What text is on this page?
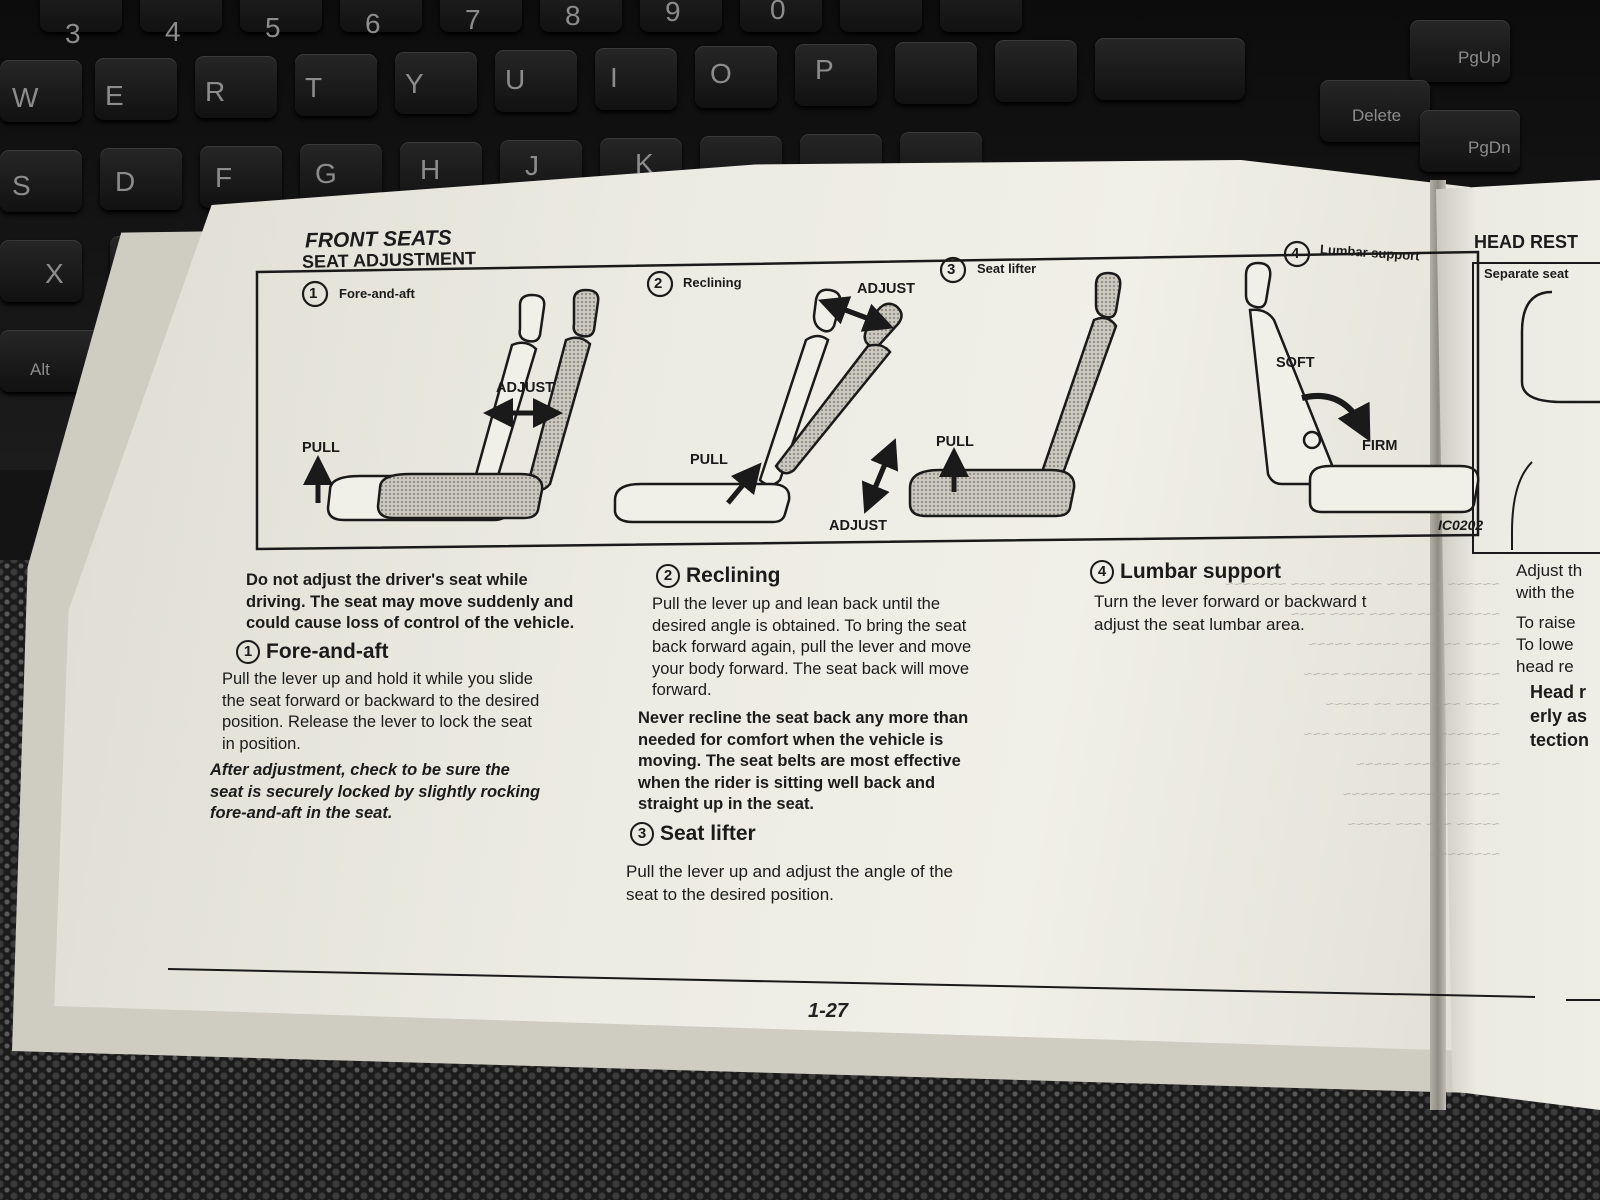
3	4	5	6	7	8	9	0
W E	R	T	Y	U	I	O	P
S	D	F	G	H	J	K
X
Alt
PgUp
Delete
PgDn
~~~~~~ ~~~ ~~~ ~~~~~~ ~~~~ ~~~~~~~
~~~~~~ ~~~~~ ~~~ ~~~~ ~~~~
~~~~ ~~ ~~~~ ~~~~~ ~~~~~
~~~~~~ ~~~ ~~~~~~~~ ~~~~
~~~~ ~~~ ~~~~ ~~ ~~~~~
~~~~~~~ ~~~~~ ~~~~~~ ~~~
~~~~ ~~ ~~~~ ~~~~~
~~~~ ~~~~~~~ ~~~~~~
~~~~~ ~~~ ~~~ ~~~~~
~~~~~~~~
FRONT SEATS
SEAT ADJUSTMENT
1 Fore-and-aft
2 Reclining
3 Seat lifter
4 Lumbar support
ADJUST
PULL
ADJUST
PULL
PULL
ADJUST
SOFT
FIRM
IC0202
Do not adjust the driver's seat while
driving. The seat may move suddenly and
could cause loss of control of the vehicle.
1 Fore-and-aft
Pull the lever up and hold it while you slide
the seat forward or backward to the desired
position. Release the lever to lock the seat
in position.
After adjustment, check to be sure the
seat is securely locked by slightly rocking
fore-and-aft in the seat.
2 Reclining
Pull the lever up and lean back until the
desired angle is obtained. To bring the seat
back forward again, pull the lever and move
your body forward. The seat back will move
forward.
Never recline the seat back any more than
needed for comfort when the vehicle is
moving. The seat belts are most effective
when the rider is sitting well back and
straight up in the seat.
3 Seat lifter
Pull the lever up and adjust the angle of the
seat to the desired position.
4 Lumbar support
Turn the lever forward or backward t
adjust the seat lumbar area.
1-27
HEAD REST
Separate seat
Adjust th
with the
To raise
To lowe
head re
Head r
erly as
tection
